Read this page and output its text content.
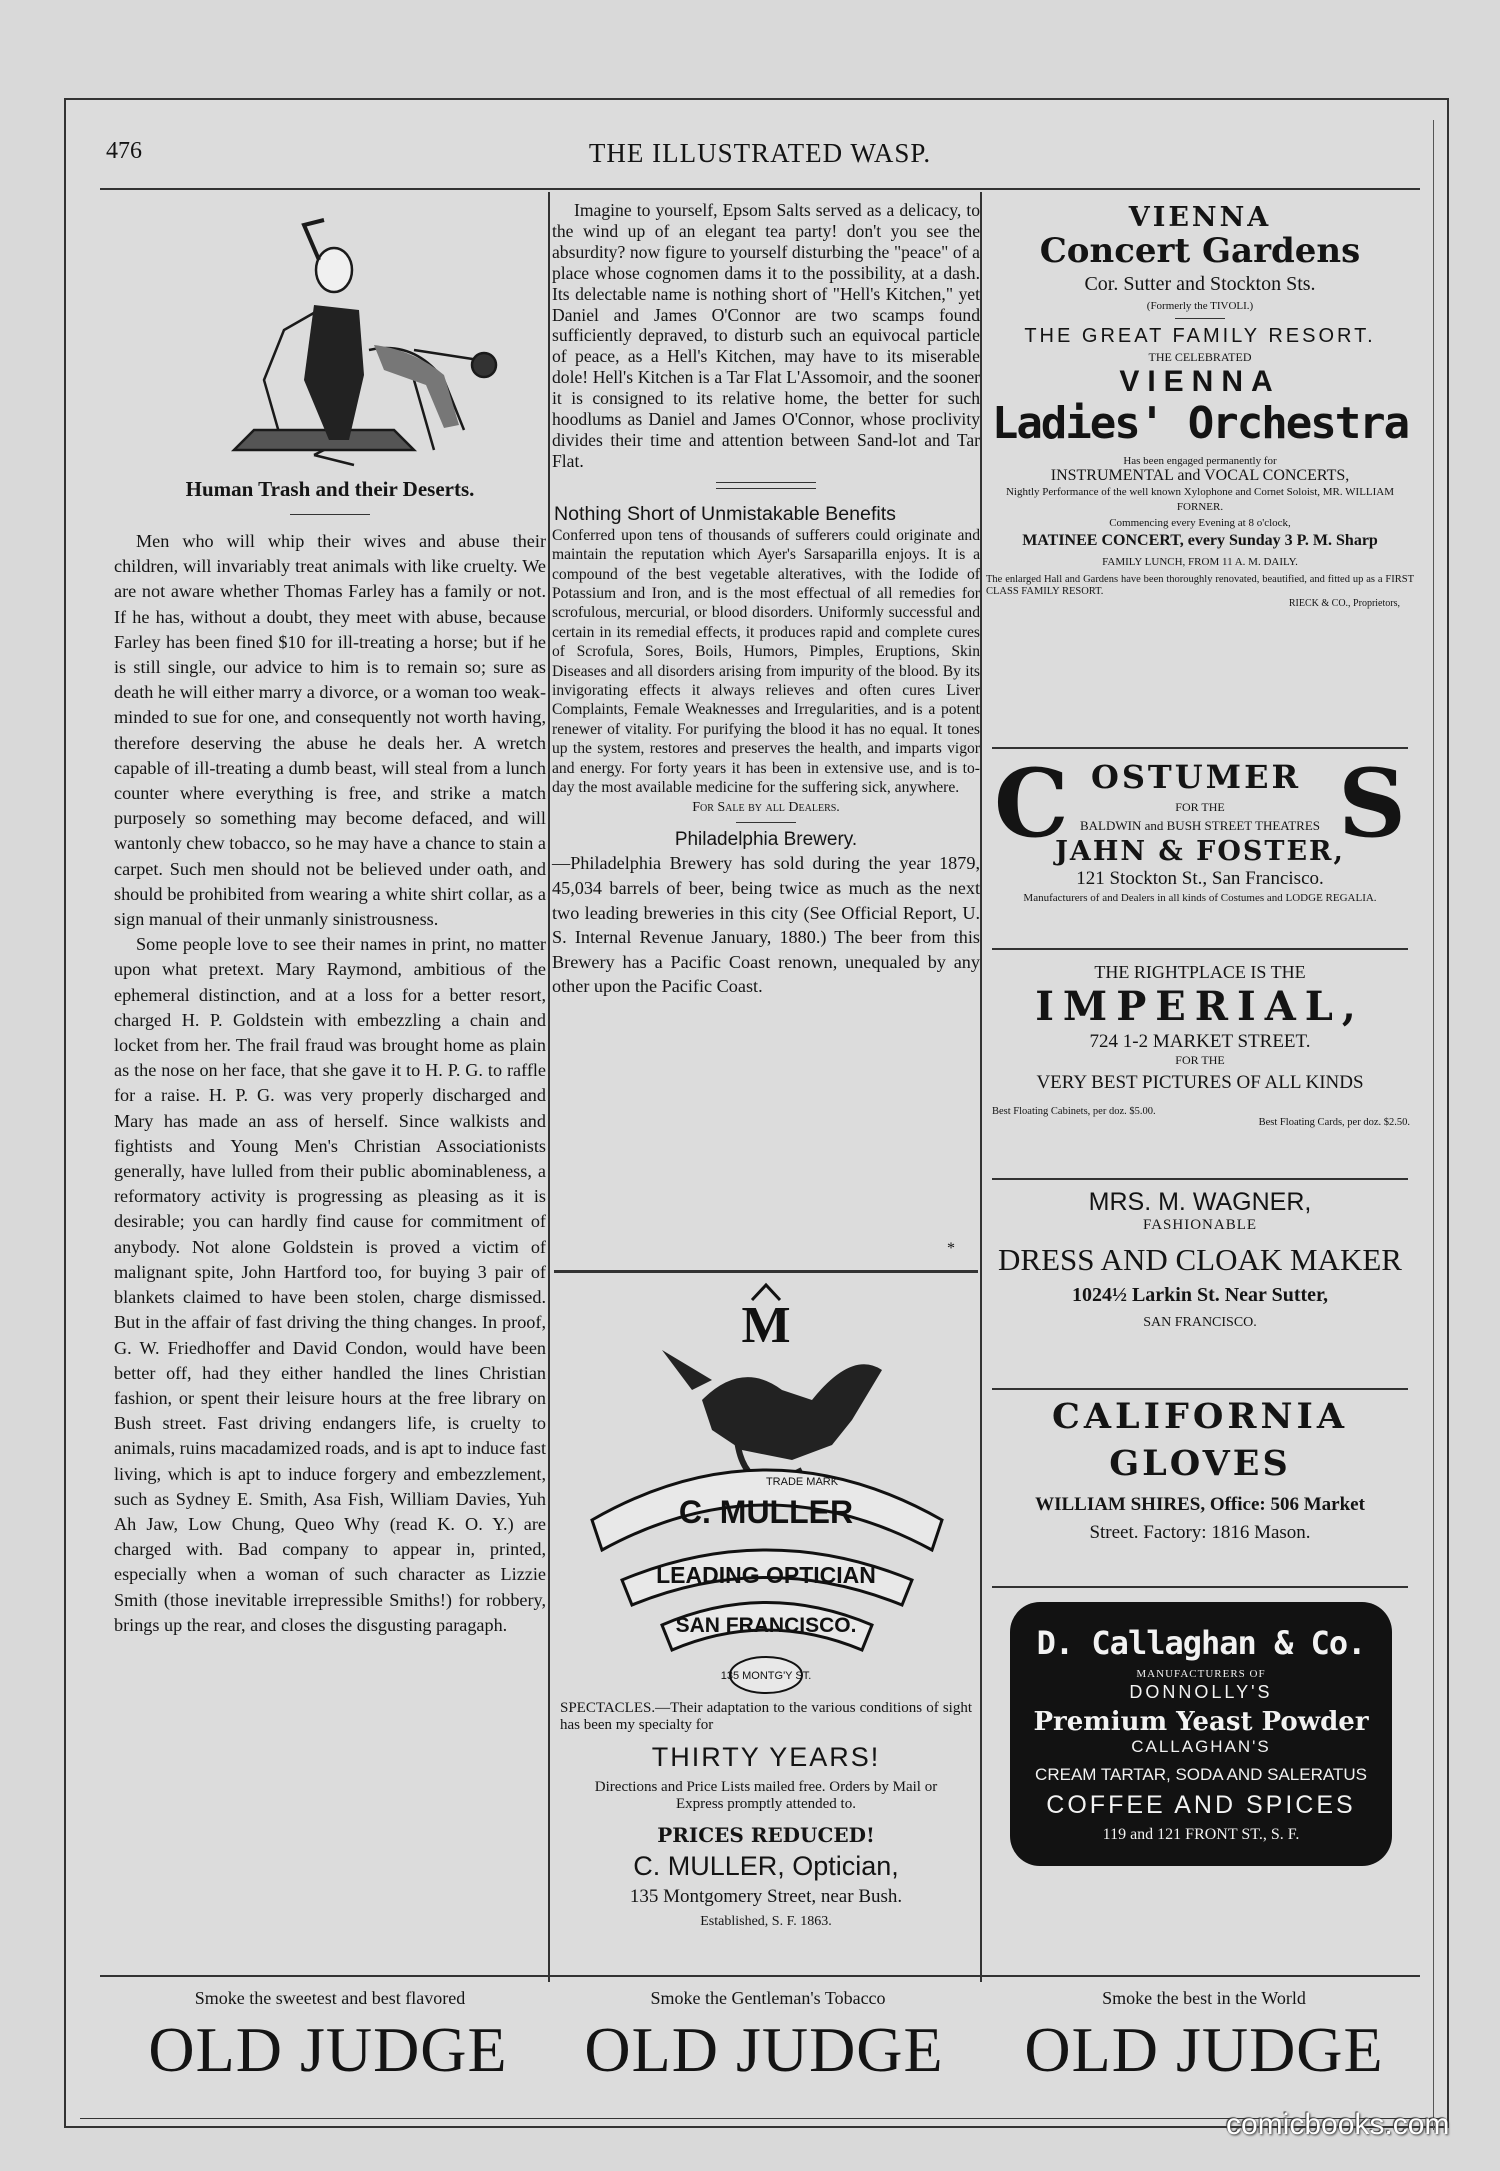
476	THE ILLUSTRATED WASP.
Human Trash and their Deserts.

Men who will whip their wives and abuse their children, will invariably treat animals with like cruelty. We are not aware whether Thomas Farley has a family or not. If he has, without a doubt, they meet with abuse, because Farley has been fined $10 for ill-treating a horse; but if he is still single, our advice to him is to remain so; sure as death he will either marry a divorce, or a woman too weak-minded to sue for one, and consequently not worth having, therefore deserving the abuse he deals her. A wretch capable of ill-treating a dumb beast, will steal from a lunch counter where everything is free, and strike a match purposely so something may become defaced, and will wantonly chew tobacco, so he may have a chance to stain a carpet. Such men should not be believed under oath, and should be prohibited from wearing a white shirt collar, as a sign manual of their unmanly sinistrousness.

Some people love to see their names in print, no matter upon what pretext. Mary Raymond, ambitious of the ephemeral distinction, and at a loss for a better resort, charged H. P. Goldstein with embezzling a chain and locket from her. The frail fraud was brought home as plain as the nose on her face, that she gave it to H. P. G. to raffle for a raise. H. P. G. was very properly discharged and Mary has made an ass of herself. Since walkists and fightists and Young Men's Christian Associationists generally, have lulled from their public abominableness, a reformatory activity is progressing as pleasing as it is desirable; you can hardly find cause for commitment of anybody. Not alone Goldstein is proved a victim of malignant spite, John Hartford too, for buying 3 pair of blankets claimed to have been stolen, charge dismissed. But in the affair of fast driving the thing changes. In proof, G. W. Friedhoffer and David Condon, would have been better off, had they either handled the lines Christian fashion, or spent their leisure hours at the free library on Bush street. Fast driving endangers life, is cruelty to animals, ruins macadamized roads, and is apt to induce fast living, which is apt to induce forgery and embezzlement, such as Sydney E. Smith, Asa Fish, William Davies, Yuh Ah Jaw, Low Chung, Queo Why (read K. O. Y.) are charged with. Bad company to appear in, printed, especially when a woman of such character as Lizzie Smith (those inevitable irrepressible Smiths!) for robbery, brings up the rear, and closes the disgusting paragaph.

Imagine to yourself, Epsom Salts served as a delicacy, to the wind up of an elegant tea party! don't you see the absurdity? now figure to yourself disturbing the "peace" of a place whose cognomen dams it to the possibility, at a dash. Its delectable name is nothing short of "Hell's Kitchen," yet Daniel and James O'Connor are two scamps found sufficiently depraved, to disturb such an equivocal particle of peace, as a Hell's Kitchen, may have to its miserable dole! Hell's Kitchen is a Tar Flat L'Assomoir, and the sooner it is consigned to its relative home, the better for such hoodlums as Daniel and James O'Connor, whose proclivity divides their time and attention between Sand-lot and Tar Flat.

Nothing Short of Unmistakable Benefits

Conferred upon tens of thousands of sufferers could originate and maintain the reputation which Ayer's Sarsaparilla enjoys. It is a compound of the best vegetable alteratives, with the Iodide of Potassium and Iron, and is the most effectual of all remedies for scrofulous, mercurial, or blood disorders. Uniformly successful and certain in its remedial effects, it produces rapid and complete cures of Scrofula, Sores, Boils, Humors, Pimples, Eruptions, Skin Diseases and all disorders arising from impurity of the blood. By its invigorating effects it always relieves and often cures Liver Complaints, Female Weaknesses and Irregularities, and is a potent renewer of vitality. For purifying the blood it has no equal. It tones up the system, restores and preserves the health, and imparts vigor and energy. For forty years it has been in extensive use, and is to-day the most available medicine for the suffering sick, anywhere.

For Sale by all Dealers.
Philadelphia Brewery.

—Philadelphia Brewery has sold during the year 1879, 45,034 barrels of beer, being twice as much as the next two leading breweries in this city (See Official Report, U. S. Internal Revenue January, 1880.) The beer from this Brewery has a Pacific Coast renown, unequaled by any other upon the Pacific Coast.

*
M
C. MULLER
LEADING OPTICIAN
SAN FRANCISCO.
TRADE MARK
135 MONTG'Y ST.

SPECTACLES.—Their adaptation to the various conditions of sight has been my specialty for

THIRTY YEARS!

Directions and Price Lists mailed free. Orders by Mail or Express promptly attended to.

PRICES REDUCED!
C. MULLER, Optician,
135 Montgomery Street, near Bush.
Established, S. F. 1863.
VIENNA
Concert Gardens
Cor. Sutter and Stockton Sts.
(Formerly the TIVOLI.)
THE GREAT FAMILY RESORT.
THE CELEBRATED
VIENNA
Ladies' Orchestra
Has been engaged permanently for
INSTRUMENTAL and VOCAL CONCERTS,
Nightly Performance of the well known Xylophone and Cornet Soloist, MR. WILLIAM FORNER.
Commencing every Evening at 8 o'clock,
MATINEE CONCERT, every Sunday 3 P. M. Sharp
FAMILY LUNCH, FROM 11 A. M. DAILY.
The enlarged Hall and Gardens have been thoroughly renovated, beautified, and fitted up as a FIRST CLASS FAMILY RESORT.
RIECK & CO., Proprietors,
C OSTUMER S
FOR THE
BALDWIN and BUSH STREET THEATRES
JAHN & FOSTER,
121 Stockton St., San Francisco.
Manufacturers of and Dealers in all kinds of Costumes and LODGE REGALIA.
THE RIGHTPLACE IS THE
IMPERIAL,
724 1-2 MARKET STREET.
FOR THE
VERY BEST PICTURES OF ALL KINDS
Best Floating Cabinets, per doz. $5.00.
Best Floating Cards, per doz. $2.50.
MRS. M. WAGNER,
FASHIONABLE
DRESS AND CLOAK MAKER
1024½ Larkin St. Near Sutter,
SAN FRANCISCO.
CALIFORNIA
GLOVES
WILLIAM SHIRES, Office: 506 Market
Street. Factory: 1816 Mason.
D. Callaghan & Co.
MANUFACTURERS OF
DONNOLLY'S
Premium Yeast Powder
CALLAGHAN'S
CREAM TARTAR, SODA AND SALERATUS
COFFEE AND SPICES
119 and 121 FRONT ST., S. F.
Smoke the sweetest and best flavored	Smoke the Gentleman's Tobacco	Smoke the best in the World
OLD JUDGE	OLD JUDGE	OLD JUDGE
comicbooks.com
